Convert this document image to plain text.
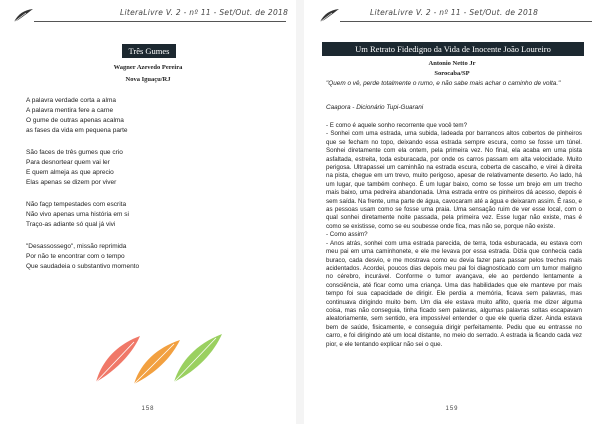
LiteraLivre V. 2 - nº 11 - Set/Out. de 2018
Três Gumes
Wagner Azevedo Pereira
Nova Iguaçu/RJ
A palavra verdade corta a alma
A palavra mentira fere a carne
O gume de outras apenas acalma
as fases da vida em pequena parte
São faces de três gumes que crio
Para desnortear quem vai ler
E quem almeja as que aprecio
Elas apenas se dizem por viver
Não façp tempestades com escrita
Não vivo apenas uma história em si
Traço-as adiante só qual já vivi
"Desassossego", missão reprimida
Por não te encontrar com o tempo
Que saudadeia o substantivo momento
158
LiteraLivre V. 2 - nº 11 - Set/Out. de 2018
Um Retrato Fidedigno da Vida de Inocente João Loureiro
Antonio Netto Jr
Sorocaba/SP
"Quem o vê, perde totalmente o rumo, e não sabe mais achar o caminho de volta."
Caapora - Dicionário Tupi-Guarani

- E como é aquele sonho recorrente que você tem?

- Sonhei com uma estrada, uma subida, ladeada por barrancos altos cobertos de pinheiros que se fecham no topo, deixando essa estrada sempre escura, como se fosse um túnel. Sonhei diretamente com ela ontem, pela primeira vez. No final, ela acaba em uma pista asfaltada, estreita, toda esburacada, por onde os carros passam em alta velocidade. Muito perigosa. Ultrapassei um caminhão na estrada escura, coberta de cascalho, e virei à direita na pista, chegue em um trevo, muito perigoso, apesar de relativamente deserto. Ao lado, há um lugar, que também conheço. É um lugar baixo, como se fosse um brejo em um trecho mais baixo, uma pedreira abandonada. Uma estrada entre os pinheiros dá acesso, depois é sem saída. Na frente, uma parte de água, cavocaram até a água e deixaram assim. É raso, e as pessoas usam como se fosse uma praia. Uma sensação ruim de ver esse local, com o qual sonhei diretamente noite passada, pela primeira vez. Esse lugar não existe, mas é como se existisse, como se eu soubesse onde fica, mas não se, porque não existe.

- Como assim?

- Anos atrás, sonhei com uma estrada parecida, de terra, toda esburacada, eu estava com meu pai em uma caminhonete, e ele me levava por essa estrada. Dizia que conhecia cada buraco, cada desvio, e me mostrava como eu devia fazer para passar pelos trechos mais acidentados. Acordei, poucos dias depois meu pai foi diagnosticado com um tumor maligno no cérebro, incurável. Conforme o tumor avançava, ele ao perdendo lentamente a consciência, até ficar como uma criança. Uma das habilidades que ele manteve por mais tempo foi sua capacidade de dirigir. Ele perdia a memória, ficava sem palavras, mas continuava dirigindo muito bem. Um dia ele estava muito aflito, queria me dizer alguma coisa, mas não conseguia, tinha ficado sem palavras, algumas palavras soltas escapavam aleatoriamente, sem sentido, era impossível entender o que ele queria dizer. Ainda estava bem de saúde, fisicamente, e conseguia dirigir perfeitamente. Pediu que eu entrasse no carro, e foi dirigindo até um local distante, no meio do serrado. A estrada ia ficando cada vez pior, e ele tentando explicar não sei o que.

159
